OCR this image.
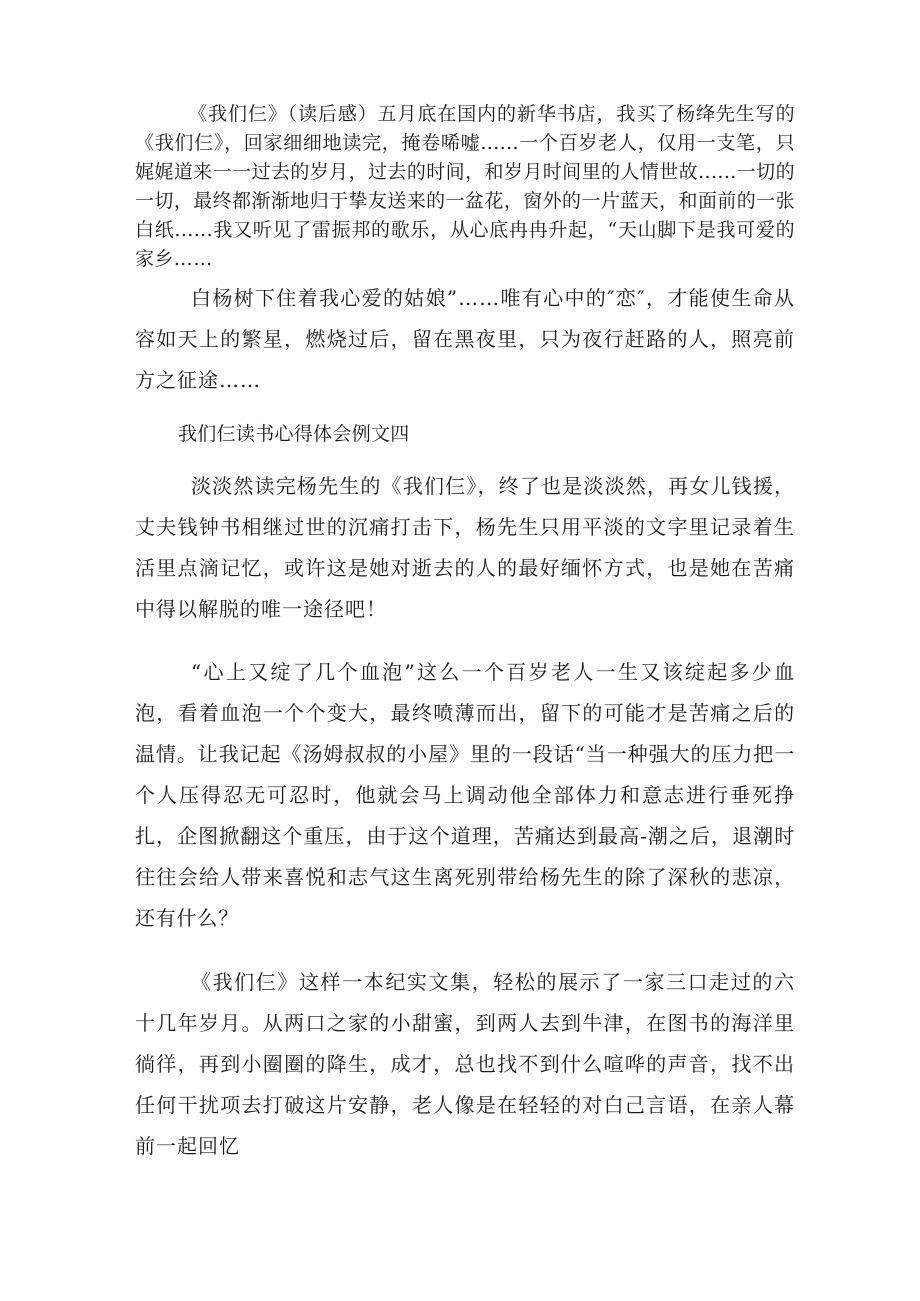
《我们仨》（读后感）五月底在国内的新华书店，我买了杨绛先生写的《我们仨》，回家细细地读完，掩卷唏嘘......一个百岁老人，仅用一支笔，只娓娓道来一一过去的岁月，过去的时间，和岁月时间里的人情世故......一切的一切，最终都渐渐地归于挚友送来的一盆花，窗外的一片蓝天，和面前的一张白纸......我又听见了雷振邦的歌乐，从心底冉冉升起，“天山脚下是我可爱的家乡……

白杨树下住着我心爱的姑娘”……唯有心中的″恋″，才能使生命从容如天上的繁星，燃烧过后，留在黑夜里，只为夜行赶路的人，照亮前方之征途……

我们仨读书心得体会例文四

淡淡然读完杨先生的《我们仨》，终了也是淡淡然，再女儿钱援，丈夫钱钟书相继过世的沉痛打击下，杨先生只用平淡的文字里记录着生活里点滴记忆，或许这是她对逝去的人的最好缅怀方式，也是她在苦痛中得以解脱的唯一途径吧！

“心上又绽了几个血泡”这么一个百岁老人一生又该绽起多少血泡，看着血泡一个个变大，最终喷薄而出，留下的可能才是苦痛之后的温情。让我记起《汤姆叔叔的小屋》里的一段话“当一种强大的压力把一个人压得忍无可忍时，他就会马上调动他全部体力和意志进行垂死挣扎，企图掀翻这个重压，由于这个道理，苦痛达到最高-潮之后，退潮时往往会给人带来喜悦和志气这生离死别带给杨先生的除了深秋的悲凉，还有什么？

《我们仨》这样一本纪实文集，轻松的展示了一家三口走过的六十几年岁月。从两口之家的小甜蜜，到两人去到牛津，在图书的海洋里徜徉，再到小圈圈的降生，成才，总也找不到什么喧哗的声音，找不出任何干扰项去打破这片安静，老人像是在轻轻的对白己言语，在亲人幕前一起回忆
